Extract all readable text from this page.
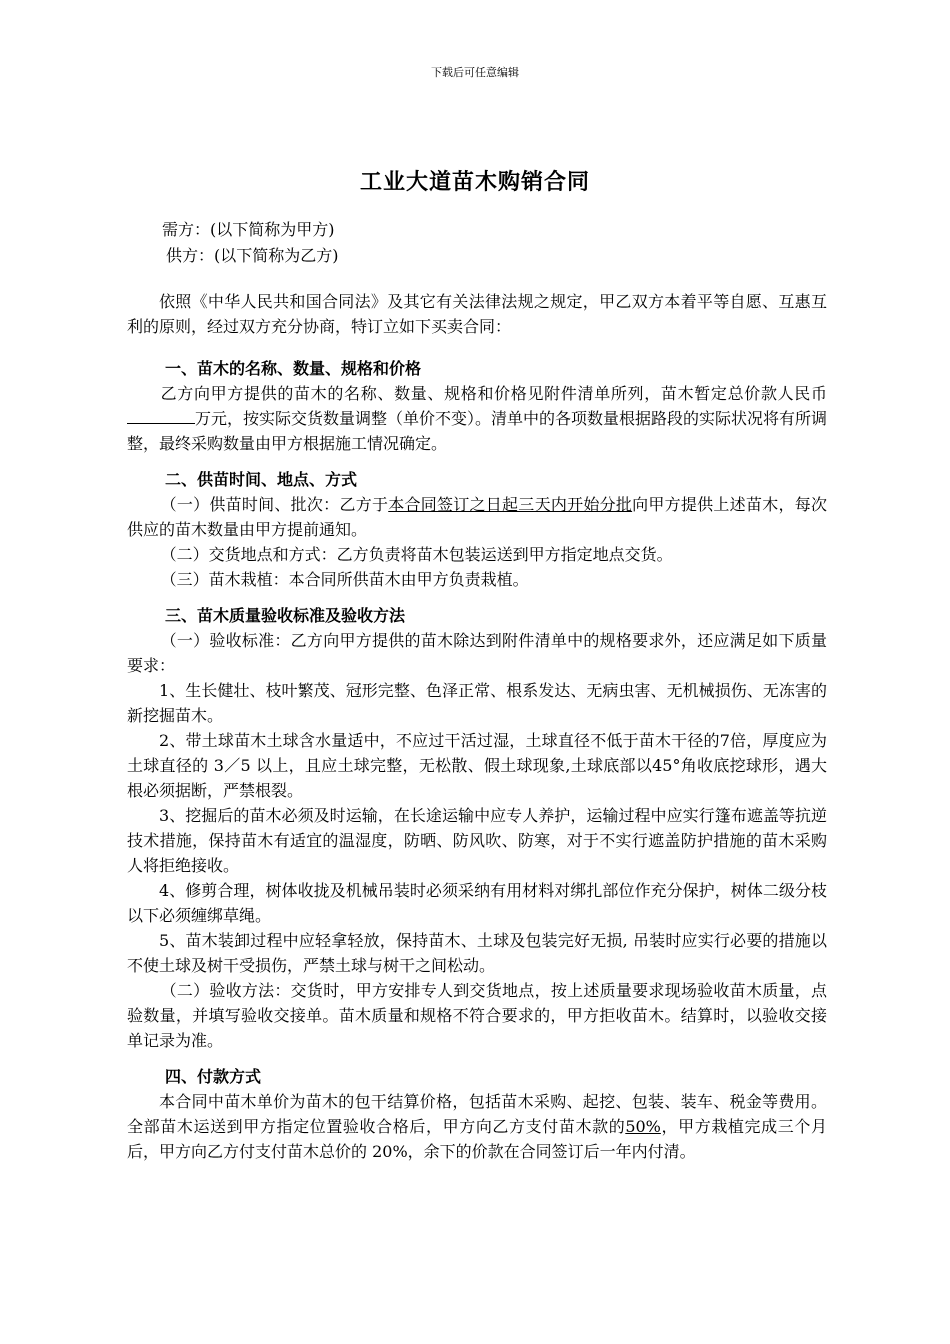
下载后可任意编辑
工业大道苗木购销合同
需方：(以下简称为甲方)
供方：(以下简称为乙方)

依照《中华人民共和国合同法》及其它有关法律法规之规定，甲乙双方本着平等自愿、互惠互利的原则，经过双方充分协商，特订立如下买卖合同：

一、苗木的名称、数量、规格和价格

乙方向甲方提供的苗木的名称、数量、规格和价格见附件清单所列，苗木暂定总价款人民币万元，按实际交货数量调整（单价不变）。清单中的各项数量根据路段的实际状况将有所调整，最终采购数量由甲方根据施工情况确定。

二、供苗时间、地点、方式

（一）供苗时间、批次：乙方于本合同签订之日起三天内开始分批向甲方提供上述苗木，每次供应的苗木数量由甲方提前通知。

（二）交货地点和方式：乙方负责将苗木包装运送到甲方指定地点交货。

（三）苗木栽植：本合同所供苗木由甲方负责栽植。

三、苗木质量验收标准及验收方法

（一）验收标准：乙方向甲方提供的苗木除达到附件清单中的规格要求外，还应满足如下质量要求：

1、生长健壮、枝叶繁茂、冠形完整、色泽正常、根系发达、无病虫害、无机械损伤、无冻害的新挖掘苗木。

2、带土球苗木土球含水量适中，不应过干活过湿，土球直径不低于苗木干径的7倍，厚度应为土球直径的 3／5 以上，且应土球完整，无松散、假土球现象,土球底部以45°角收底挖球形，遇大根必须据断，严禁根裂。

3、挖掘后的苗木必须及时运输，在长途运输中应专人养护，运输过程中应实行篷布遮盖等抗逆技术措施，保持苗木有适宜的温湿度，防晒、防风吹、防寒，对于不实行遮盖防护措施的苗木采购人将拒绝接收。

4、修剪合理，树体收拢及机械吊装时必须采纳有用材料对绑扎部位作充分保护，树体二级分枝以下必须缠绑草绳。

5、苗木装卸过程中应轻拿轻放，保持苗木、土球及包装完好无损, 吊装时应实行必要的措施以不使土球及树干受损伤，严禁土球与树干之间松动。

（二）验收方法：交货时，甲方安排专人到交货地点，按上述质量要求现场验收苗木质量，点验数量，并填写验收交接单。苗木质量和规格不符合要求的，甲方拒收苗木。结算时，以验收交接单记录为准。

四、付款方式

本合同中苗木单价为苗木的包干结算价格，包括苗木采购、起挖、包装、装车、税金等费用。全部苗木运送到甲方指定位置验收合格后，甲方向乙方支付苗木款的50%，甲方栽植完成三个月后，甲方向乙方付支付苗木总价的 20%，余下的价款在合同签订后一年内付清。
